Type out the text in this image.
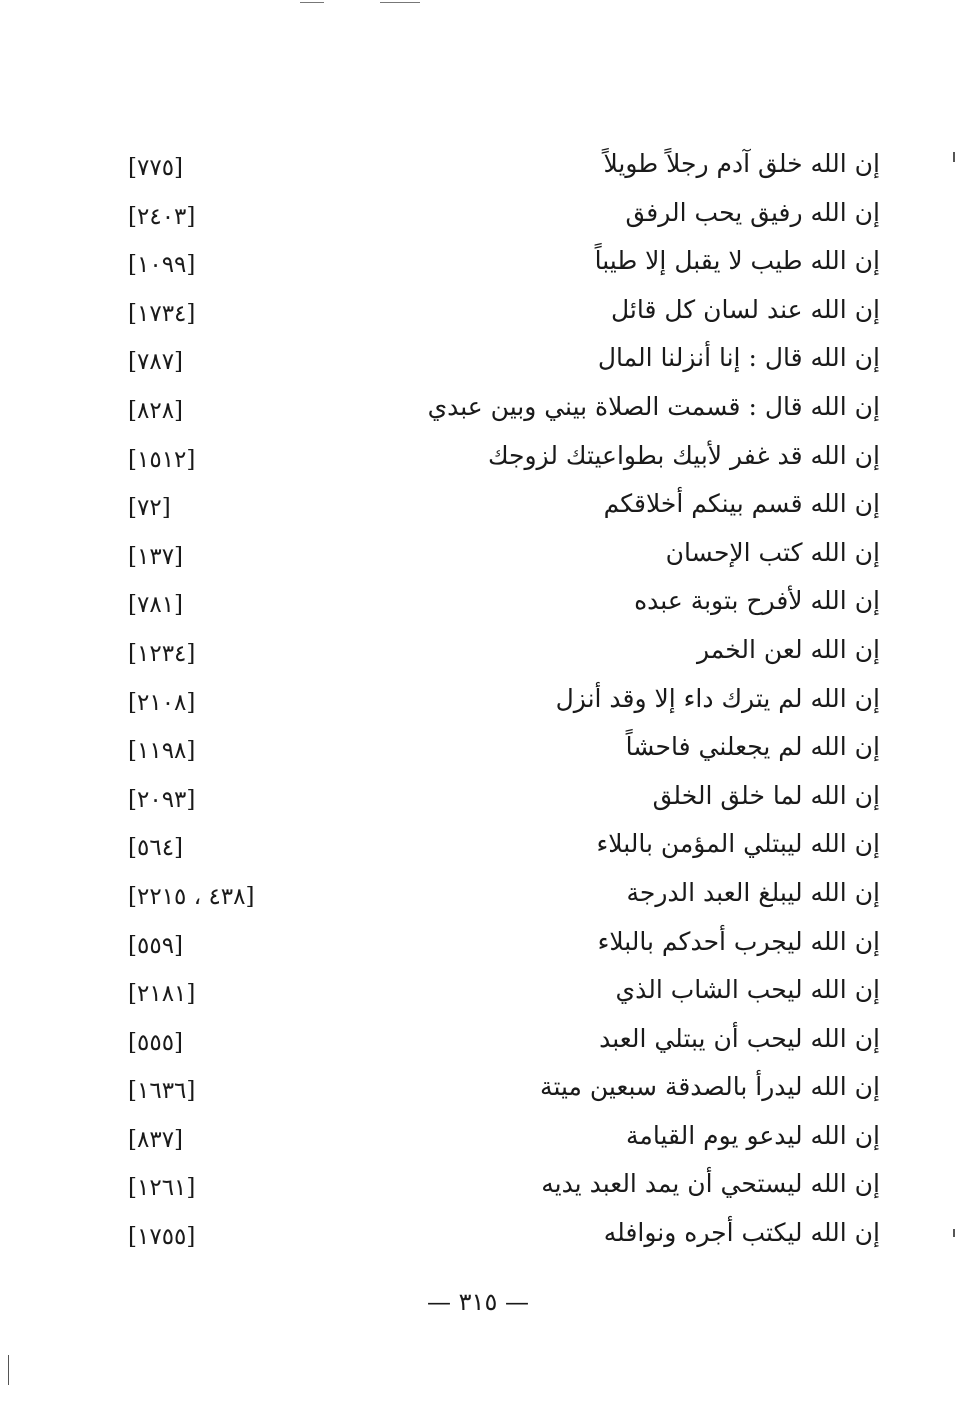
إن الله خلق آدم رجلاً طويلاً
[٧٧٥]
إن الله رفيق يحب الرفق
[٢٤٠٣]
إن الله طيب لا يقبل إلا طيباً
[١٠٩٩]
إن الله عند لسان كل قائل
[١٧٣٤]
إن الله قال : إنا أنزلنا المال
[٧٨٧]
إن الله قال : قسمت الصلاة بيني وبين عبدي
[٨٢٨]
إن الله قد غفر لأبيك بطواعيتك لزوجك
[١٥١٢]
إن الله قسم بينكم أخلاقكم
[٧٢]
إن الله كتب الإحسان
[١٣٧]
إن الله لأفرح بتوبة عبده
[٧٨١]
إن الله لعن الخمر
[١٢٣٤]
إن الله لم يترك داء إلا وقد أنزل
[٢١٠٨]
إن الله لم يجعلني فاحشاً
[١١٩٨]
إن الله لما خلق الخلق
[٢٠٩٣]
إن الله ليبتلي المؤمن بالبلاء
[٥٦٤]
إن الله ليبلغ العبد الدرجة
[٤٣٨ ، ٢٢١٥]
إن الله ليجرب أحدكم بالبلاء
[٥٥٩]
إن الله ليحب الشاب الذي
[٢١٨١]
إن الله ليحب أن يبتلي العبد
[٥٥٥]
إن الله ليدرأ بالصدقة سبعين ميتة
[١٦٣٦]
إن الله ليدعو يوم القيامة
[٨٣٧]
إن الله ليستحي أن يمد العبد يديه
[١٢٦١]
إن الله ليكتب أجره ونوافله
[١٧٥٥]
— ٣١٥ —
